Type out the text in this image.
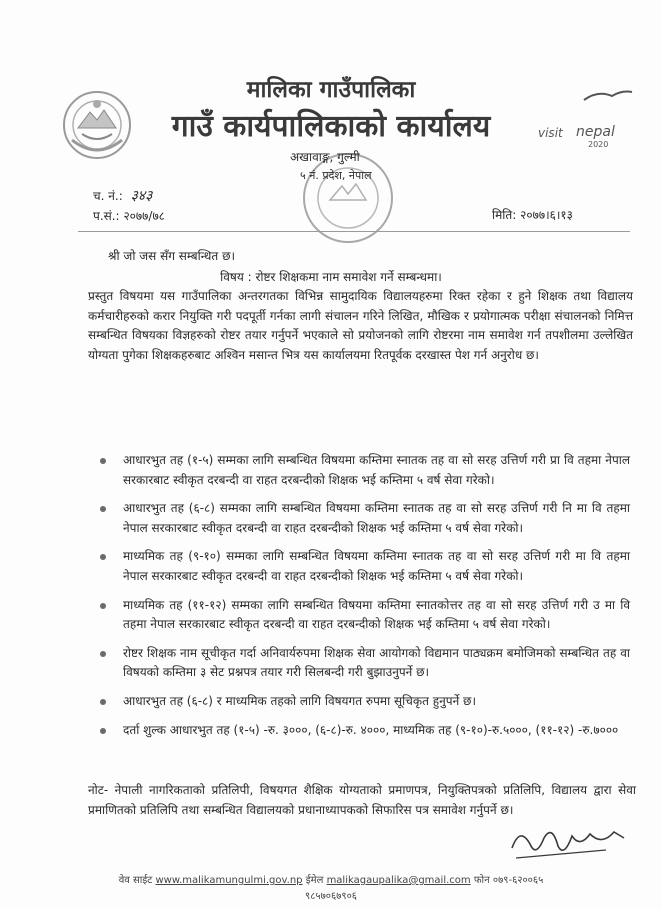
visit nepal
2020
मालिका गाउँपालिका
गाउँ कार्यपालिकाको कार्यालय
अखावाङ्ग, गुल्मी
५ नं. प्रदेश, नेपाल
च. नं.: ३४३
प.सं.: २०७७/७८	मिति: २०७७।६।१३
श्री जो जस सँग सम्बन्धित छ।
विषय : रोष्टर शिक्षकमा नाम समावेश गर्ने सम्बन्धमा।
प्रस्तुत विषयमा यस गाउँपालिका अन्तरगतका विभिन्न सामुदायिक विद्यालयहरुमा रिक्त रहेका र हुने शिक्षक तथा विद्यालय कर्मचारीहरुको करार नियुक्ति गरी पदपूर्ती गर्नका लागी संचालन गरिने लिखित, मौखिक र प्रयोगात्मक परीक्षा संचालनको निमित्त सम्बन्धित विषयका विज्ञहरुको रोष्टर तयार गर्नुपर्ने भएकाले सो प्रयोजनको लागि रोष्टरमा नाम समावेश गर्न तपशीलमा उल्लेखित योग्यता पुगेका शिक्षकहरुबाट अश्विन मसान्त भित्र यस कार्यालयमा रितपूर्वक दरखास्त पेश गर्न अनुरोध छ।
आधारभुत तह (१-५) सम्मका लागि सम्बन्धित विषयमा कम्तिमा स्नातक तह वा सो सरह उत्तिर्ण गरी प्रा वि तहमा नेपाल सरकारबाट स्वीकृत दरबन्दी वा राहत दरबन्दीको शिक्षक भई कम्तिमा ५ वर्ष सेवा गरेको।
आधारभुत तह (६-८) सम्मका लागि सम्बन्धित विषयमा कम्तिमा स्नातक तह वा सो सरह उत्तिर्ण गरी नि मा वि तहमा नेपाल सरकारबाट स्वीकृत दरबन्दी वा राहत दरबन्दीको शिक्षक भई कम्तिमा ५ वर्ष सेवा गरेको।
माध्यमिक तह (९-१०) सम्मका लागि सम्बन्धित विषयमा कम्तिमा स्नातक तह वा सो सरह उत्तिर्ण गरी मा वि तहमा नेपाल सरकारबाट स्वीकृत दरबन्दी वा राहत दरबन्दीको शिक्षक भई कम्तिमा ५ वर्ष सेवा गरेको।
माध्यमिक तह (११-१२) सम्मका लागि सम्बन्धित विषयमा कम्तिमा स्नातकोत्तर तह वा सो सरह उत्तिर्ण गरी उ मा वि तहमा नेपाल सरकारबाट स्वीकृत दरबन्दी वा राहत दरबन्दीको शिक्षक भई कम्तिमा ५ वर्ष सेवा गरेको।
रोष्टर शिक्षक नाम सूचीकृत गर्दा अनिवार्यरुपमा शिक्षक सेवा आयोगको विद्यमान पाठ्यक्रम बमोजिमको सम्बन्धित तह वा विषयको कम्तिमा ३ सेट प्रश्नपत्र तयार गरी सिलबन्दी गरी बुझाउनुपर्ने छ।
आधारभुत तह (६-८) र माध्यमिक तहको लागि विषयगत रुपमा सूचिकृत हुनुपर्ने छ।
दर्ता शुल्क आधारभुत तह (१-५) -रु. ३०००, (६-८)-रु. ४०००, माध्यमिक तह (९-१०)-रु.५०००, (११-१२) -रु.७०००
नोट- नेपाली नागरिकताको प्रतिलिपी, विषयगत शैक्षिक योग्यताको प्रमाणपत्र, नियुक्तिपत्रको प्रतिलिपि, विद्यालय द्वारा सेवा प्रमाणितको प्रतिलिपि तथा सम्बन्धित विद्यालयको प्रधानाध्यापकको सिफारिस पत्र समावेश गर्नुपर्ने छ।
वेव साईट www.malikamungulmi.gov.np ईमेल malikagaupalika@gmail.com फोन ०७९-६२००६५
९८५७०६७९०६
